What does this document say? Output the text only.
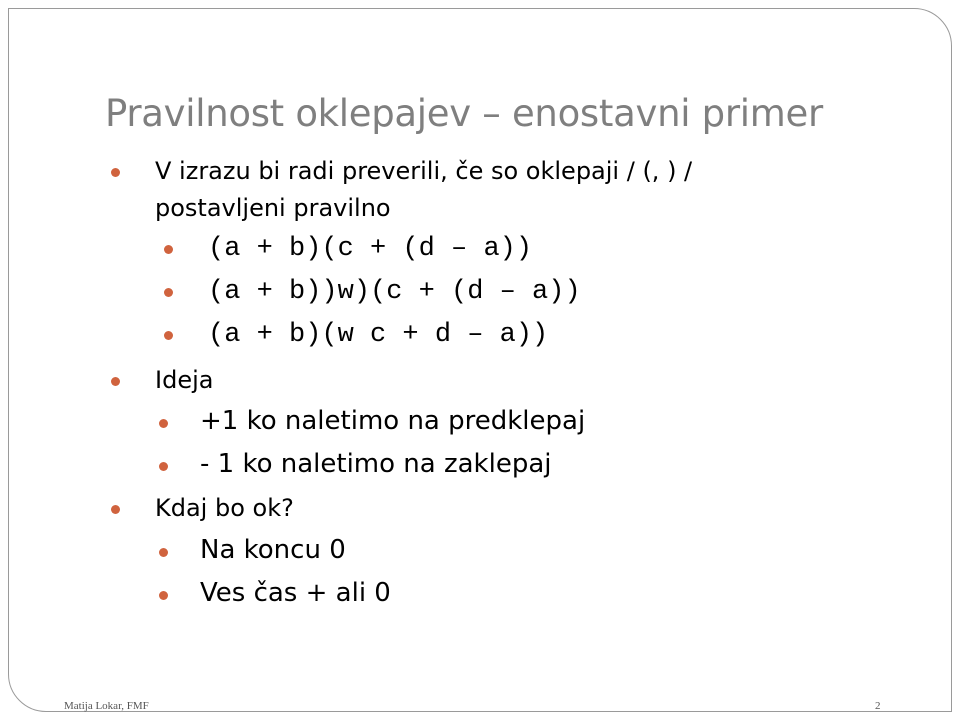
Pravilnost oklepajev – enostavni primer
V izrazu bi radi preverili, če so oklepaji / (, ) /
postavljeni pravilno
(a + b)(c + (d – a))
(a + b))w)(c + (d – a))
(a + b)(w c + d – a))
Ideja
+1 ko naletimo na predklepaj
- 1 ko naletimo na zaklepaj
Kdaj bo ok?
Na koncu 0
Ves čas + ali 0
Matija Lokar, FMF	2
